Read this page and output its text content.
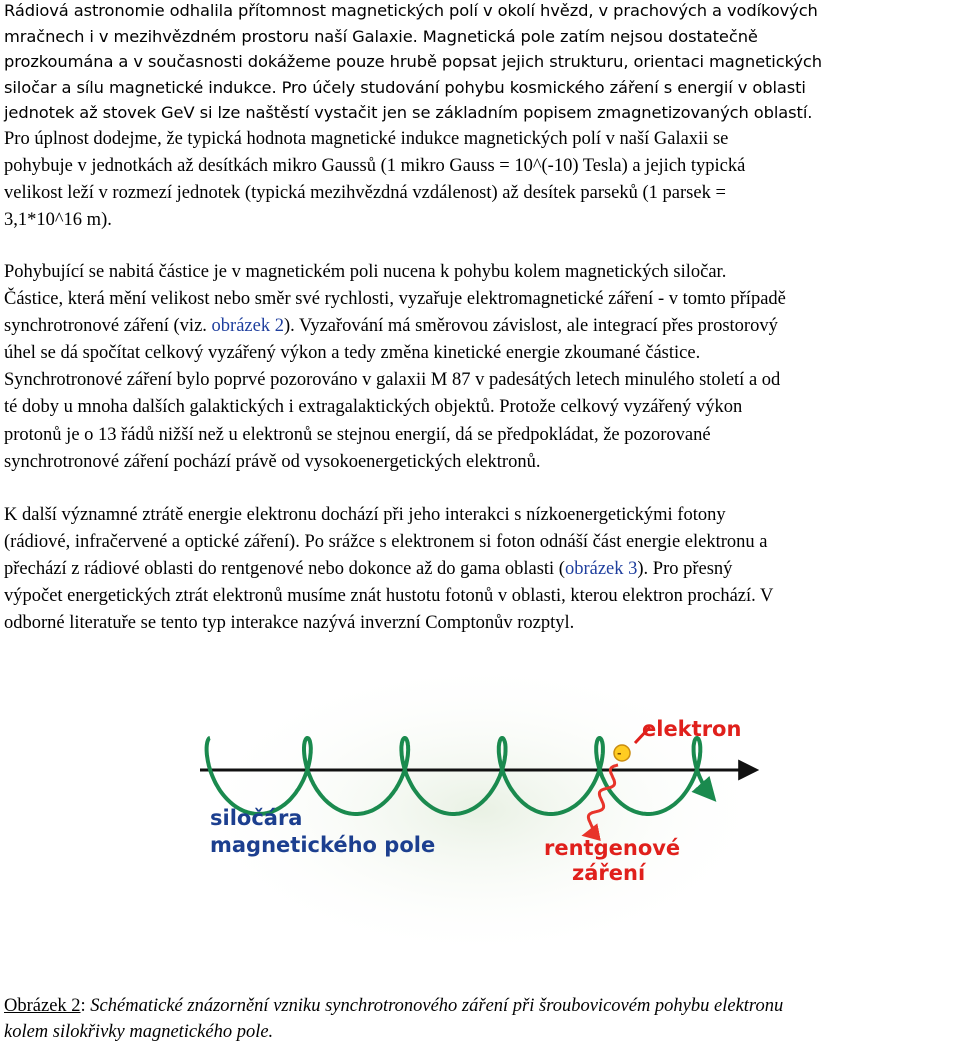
Rádiová astronomie odhalila přítomnost magnetických polí v okolí hvězd, v prachových a vodíkových
mračnech i v mezihvězdném prostoru naší Galaxie. Magnetická pole zatím nejsou dostatečně
prozkoumána a v současnosti dokážeme pouze hrubě popsat jejich strukturu, orientaci magnetických
siločar a sílu magnetické indukce. Pro účely studování pohybu kosmického záření s energií v oblasti
jednotek až stovek GeV si lze naštěstí vystačit jen se základním popisem zmagnetizovaných oblastí.
Pro úplnost dodejme, že typická hodnota magnetické indukce magnetických polí v naší Galaxii se
pohybuje v jednotkách až desítkách mikro Gaussů (1 mikro Gauss = 10^(-10) Tesla) a jejich typická
velikost leží v rozmezí jednotek (typická mezihvězdná vzdálenost) až desítek parseků (1 parsek =
3,1*10^16 m).
Pohybující se nabitá částice je v magnetickém poli nucena k pohybu kolem magnetických siločar.
Částice, která mění velikost nebo směr své rychlosti, vyzařuje elektromagnetické záření - v tomto případě
synchrotronové záření (viz. obrázek 2). Vyzařování má směrovou závislost, ale integrací přes prostorový
úhel se dá spočítat celkový vyzářený výkon a tedy změna kinetické energie zkoumané částice.
Synchrotronové záření bylo poprvé pozorováno v galaxii M 87 v padesátých letech minulého století a od
té doby u mnoha dalších galaktických i extragalaktických objektů. Protože celkový vyzářený výkon
protonů je o 13 řádů nižší než u elektronů se stejnou energií, dá se předpokládat, že pozorované
synchrotronové záření pochází právě od vysokoenergetických elektronů.
K další významné ztrátě energie elektronu dochází při jeho interakci s nízkoenergetickými fotony
(rádiové, infračervené a optické záření). Po srážce s elektronem si foton odnáší část energie elektronu a
přechází z rádiové oblasti do rentgenové nebo dokonce až do gama oblasti (obrázek 3). Pro přesný
výpočet energetických ztrát elektronů musíme znát hustotu fotonů v oblasti, kterou elektron prochází. V
odborné literatuře se tento typ interakce nazývá inverzní Comptonův rozptyl.
-
elektron
siločára
magnetického pole	rentgenové
záření

Obrázek 2: Schématické znázornění vzniku synchrotronového záření při šroubovicovém pohybu elektronu
kolem silokřivky magnetického pole.
